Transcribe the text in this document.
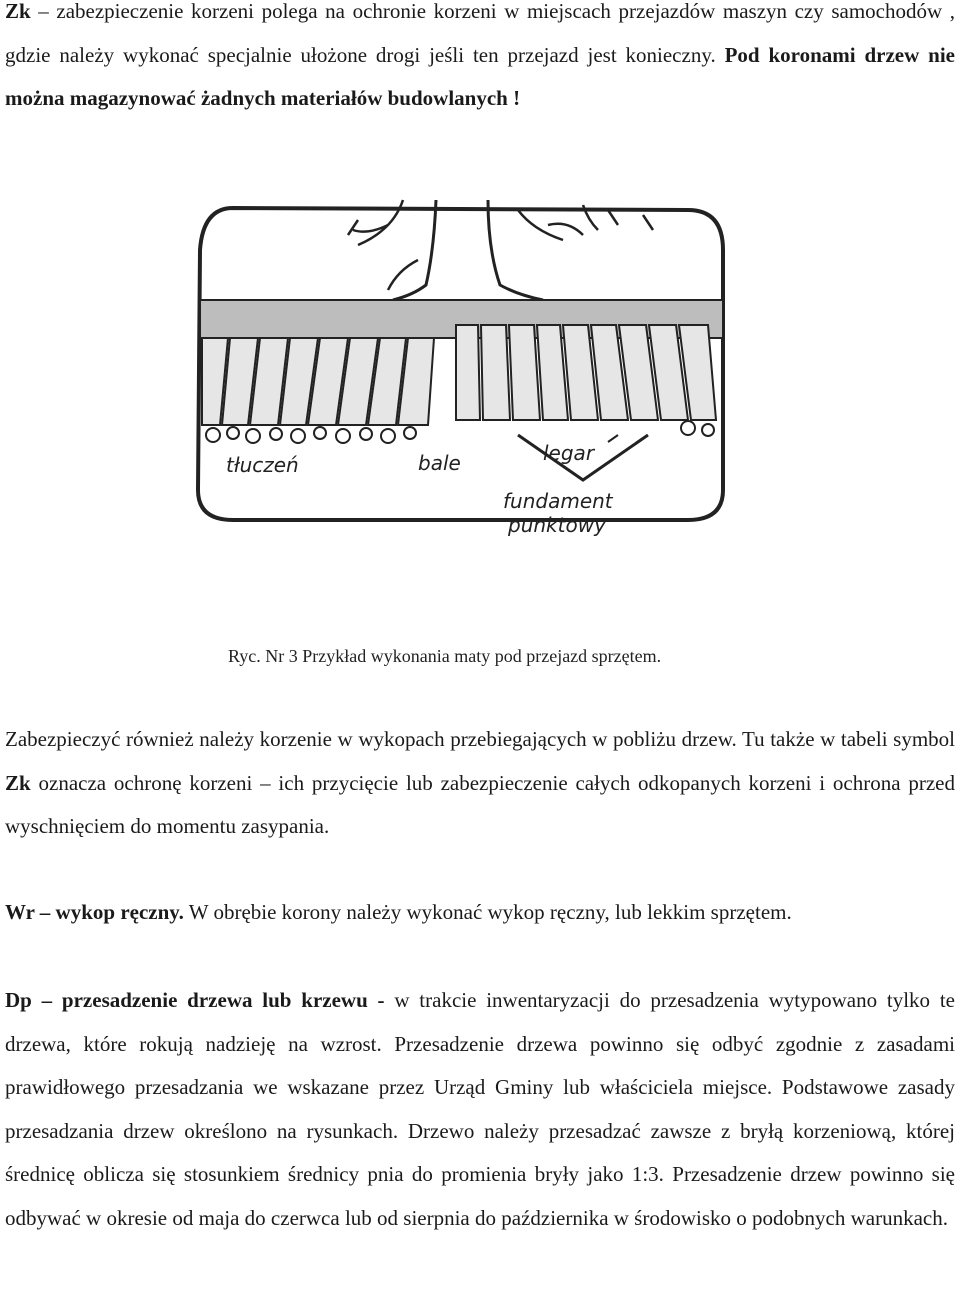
Zk – zabezpieczenie korzeni polega na ochronie korzeni w miejscach przejazdów maszyn czy samochodów , gdzie należy wykonać specjalnie ułożone drogi jeśli ten przejazd jest konieczny. Pod koronami drzew nie można magazynować żadnych materiałów budowlanych !

tłuczeń	bale	legar
fundament
punktowy
Ryc. Nr 3 Przykład wykonania maty pod przejazd sprzętem.

Zabezpieczyć również należy korzenie w wykopach przebiegających w pobliżu drzew. Tu także w tabeli symbol Zk oznacza ochronę korzeni – ich przycięcie lub zabezpieczenie całych odkopanych korzeni i ochrona przed wyschnięciem do momentu zasypania.

Wr – wykop ręczny. W obrębie korony należy wykonać wykop ręczny, lub lekkim sprzętem.

Dp – przesadzenie drzewa lub krzewu - w trakcie inwentaryzacji do przesadzenia wytypowano tylko te drzewa, które rokują nadzieję na wzrost. Przesadzenie drzewa powinno się odbyć zgodnie z zasadami prawidłowego przesadzania we wskazane przez Urząd Gminy lub właściciela miejsce. Podstawowe zasady przesadzania drzew określono na rysunkach. Drzewo należy przesadzać zawsze z bryłą korzeniową, której średnicę oblicza się stosunkiem średnicy pnia do promienia bryły jako 1:3. Przesadzenie drzew powinno się odbywać w okresie od maja do czerwca lub od sierpnia do października w środowisko o podobnych warunkach.
